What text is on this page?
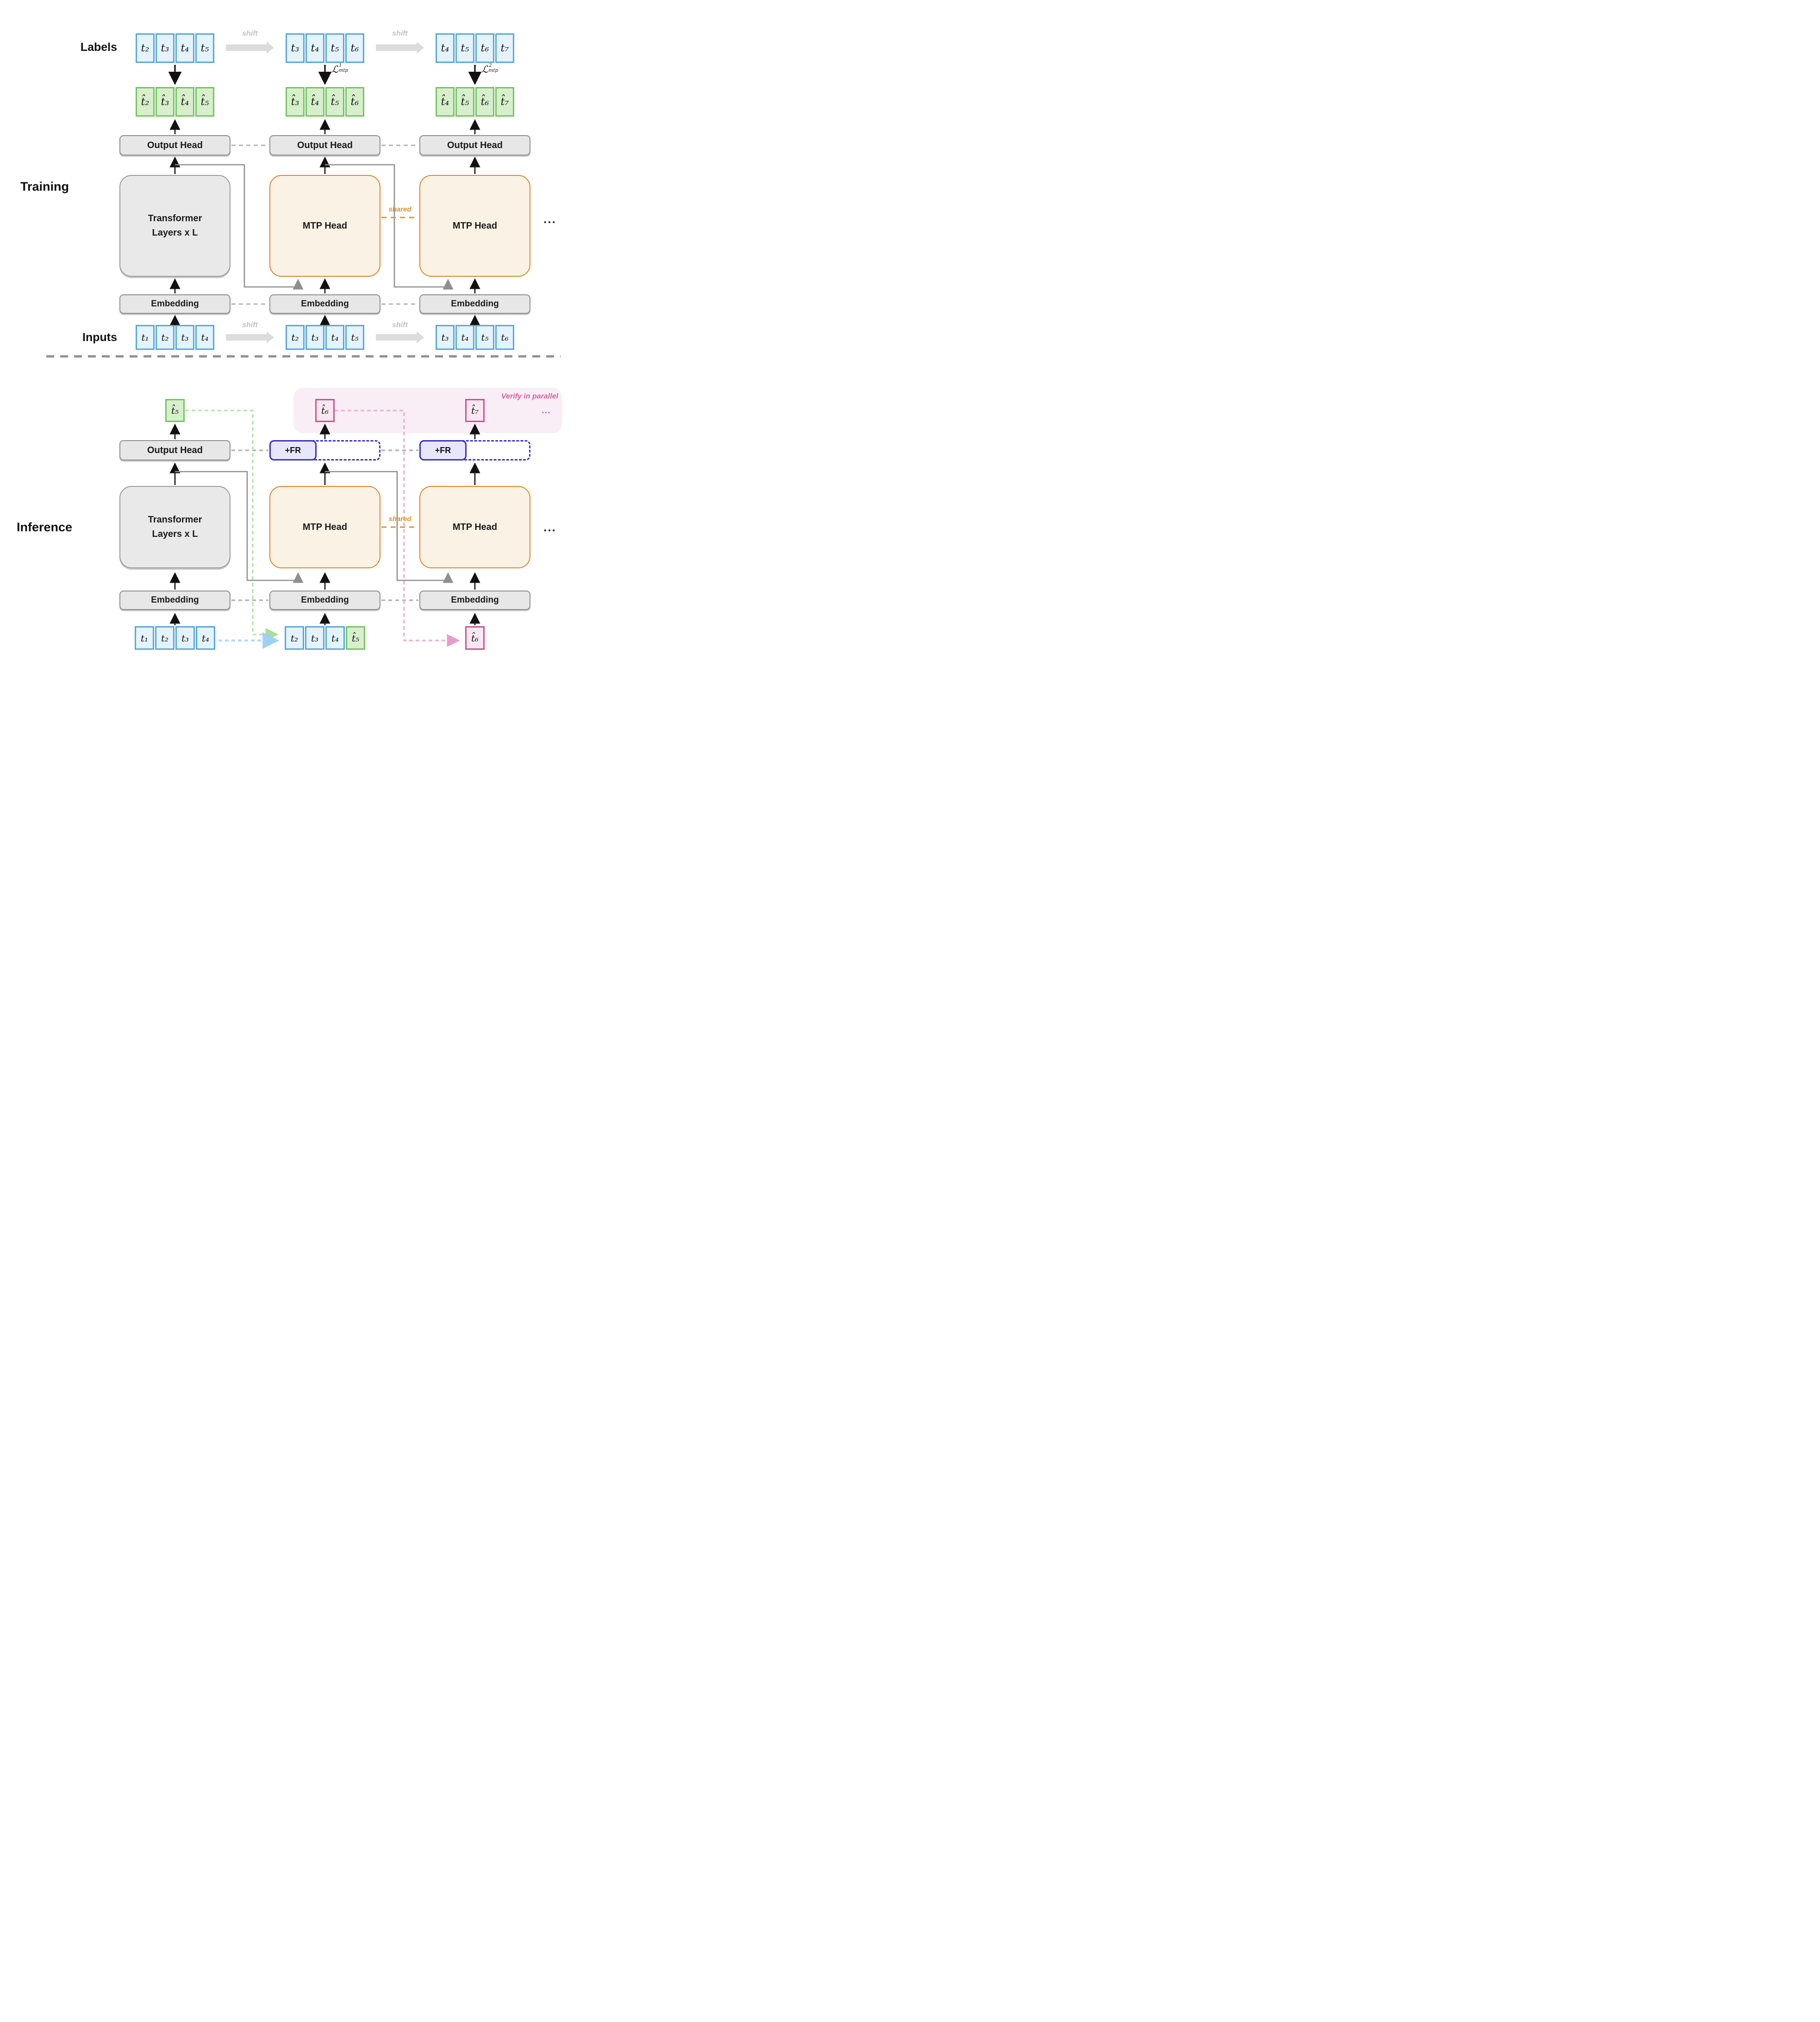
Training
Labels
Inputs
shift	shift
shift	shift
t₂	t₃	t₄	t₅	t₃	t₄	t₅	t₆	t₄	t₅	t₆	t₇
ℒ 1
mtp	ℒ 2
mtp
t̂₂	t̂₃	t̂₄	t̂₅	t̂₃	t̂₄	t̂₅	t̂₆	t̂₄	t̂₅	t̂₆	t̂₇
Output Head	Output Head	Output Head
Transformer
Layers x L
MTP Head	MTP Head
shared
...
Embedding	Embedding	Embedding
t₁	t₂	t₃	t₄	t₂	t₃	t₄	t₅	t₃	t₄	t₅	t₆
Inference
Verify in parallel
...
t̂₅	t̂₆	t̂₇
Output Head	+FR	+FR
Transformer
Layers x L
MTP Head	MTP Head
shared
...
Embedding	Embedding	Embedding
t₁	t₂	t₃	t₄	t₂	t₃	t₄	t̂₅	t̂₆
